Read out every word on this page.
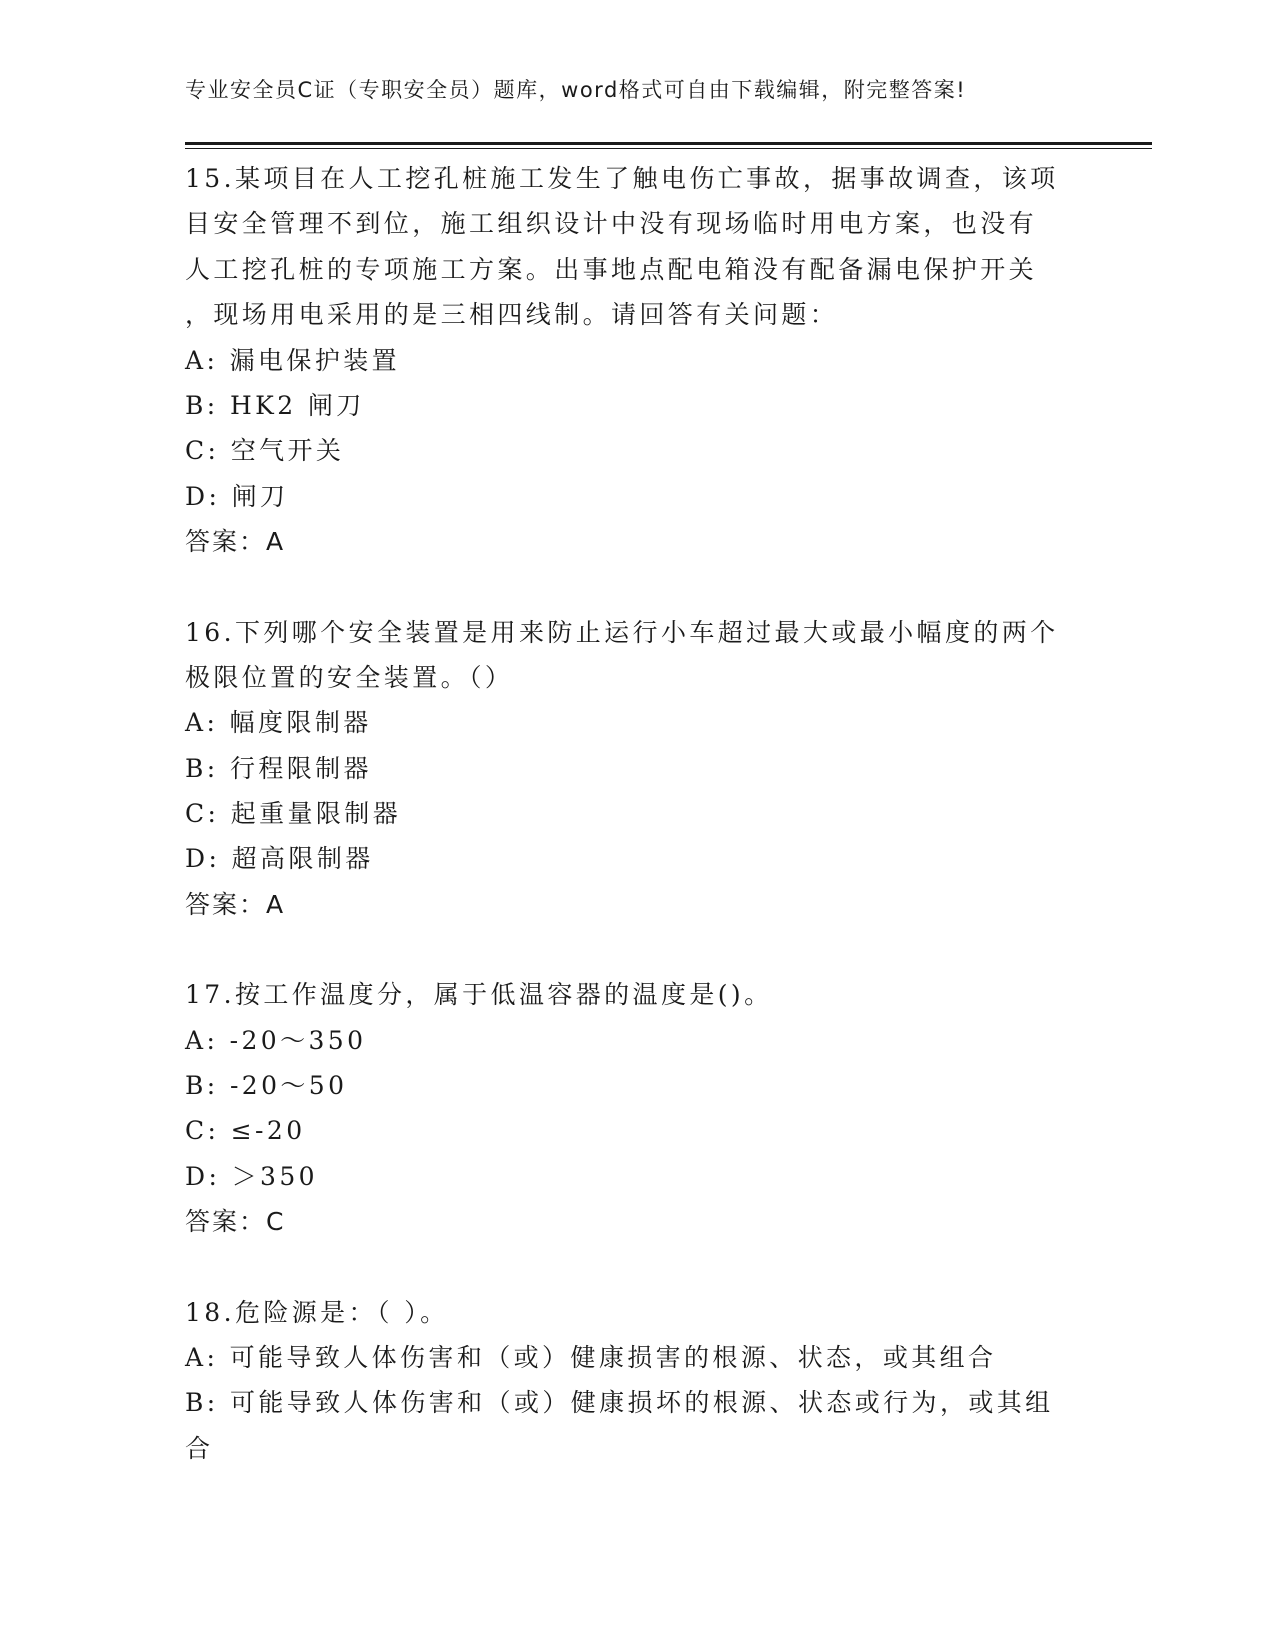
专业安全员C证（专职安全员）题库，word格式可自由下载编辑，附完整答案!
15.某项目在人工挖孔桩施工发生了触电伤亡事故，据事故调查，该项
目安全管理不到位，施工组织设计中没有现场临时用电方案，也没有
人工挖孔桩的专项施工方案。出事地点配电箱没有配备漏电保护开关
，现场用电采用的是三相四线制。请回答有关问题：
A: 漏电保护装置
B: HK2 闸刀
C: 空气开关
D: 闸刀
答案：A
16.下列哪个安全装置是用来防止运行小车超过最大或最小幅度的两个
极限位置的安全装置。（）
A: 幅度限制器
B: 行程限制器
C: 起重量限制器
D: 超高限制器
答案：A
17.按工作温度分，属于低温容器的温度是()。
A: -20～350
B: -20～50
C: ≤-20
D: ＞350
答案：C
18.危险源是：（ ）。
A: 可能导致人体伤害和（或）健康损害的根源、状态，或其组合
B: 可能导致人体伤害和（或）健康损坏的根源、状态或行为，或其组
合
